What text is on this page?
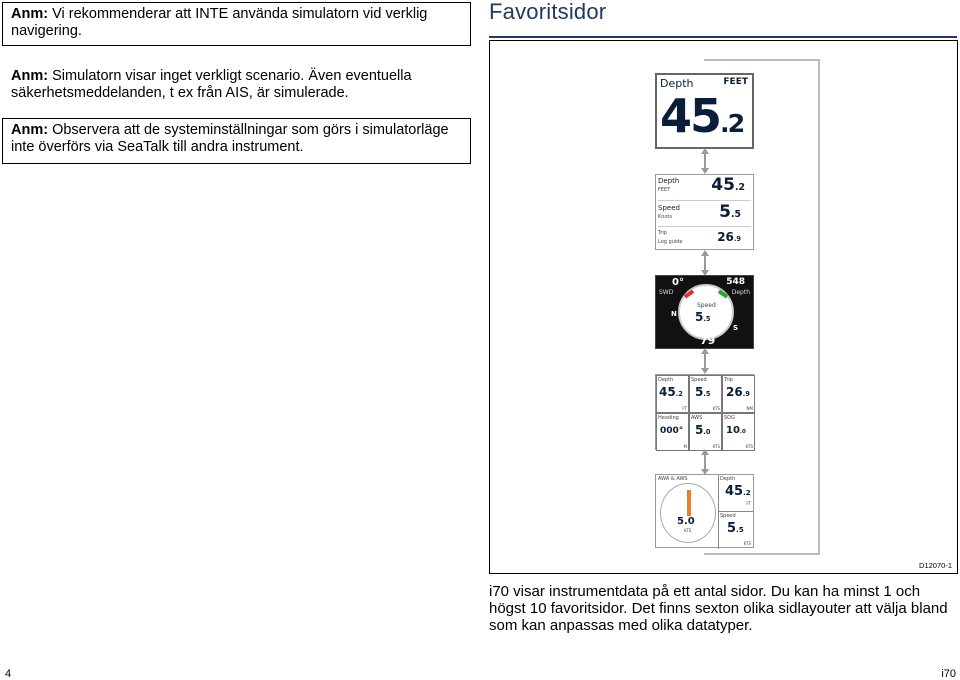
Anm: Vi rekommenderar att INTE använda simulatorn vid verklig navigering.
Anm: Simulatorn visar inget verkligt scenario. Även eventuella säkerhetsmeddelanden, t ex från AIS, är simulerade.
Anm: Observera att de systeminställningar som görs i simulatorläge inte överförs via SeaTalk till andra instrument.
Favoritsidor
Depth	FEET
45.2
Depth
FEET 45.2
Speed
Knots	5.5
Trip
Log guide	26.9
0°
SWD
548
Depth
Speed
5.5
N
S
79
Depth
45.2
FT
Speed
5.5
KTS
Trip
26.9
NM
Heading
000°
M
AWS
5.0
KTS
SOG
10.0
KTS
AWA & AWS
5.0
KTS
Depth
45.2
FT
Speed
5.5
KTS
D12070-1
i70 visar instrumentdata på ett antal sidor. Du kan ha minst 1 och högst 10 favoritsidor. Det finns sexton olika sidlayouter att välja bland som kan anpassas med olika datatyper.
4	i70
